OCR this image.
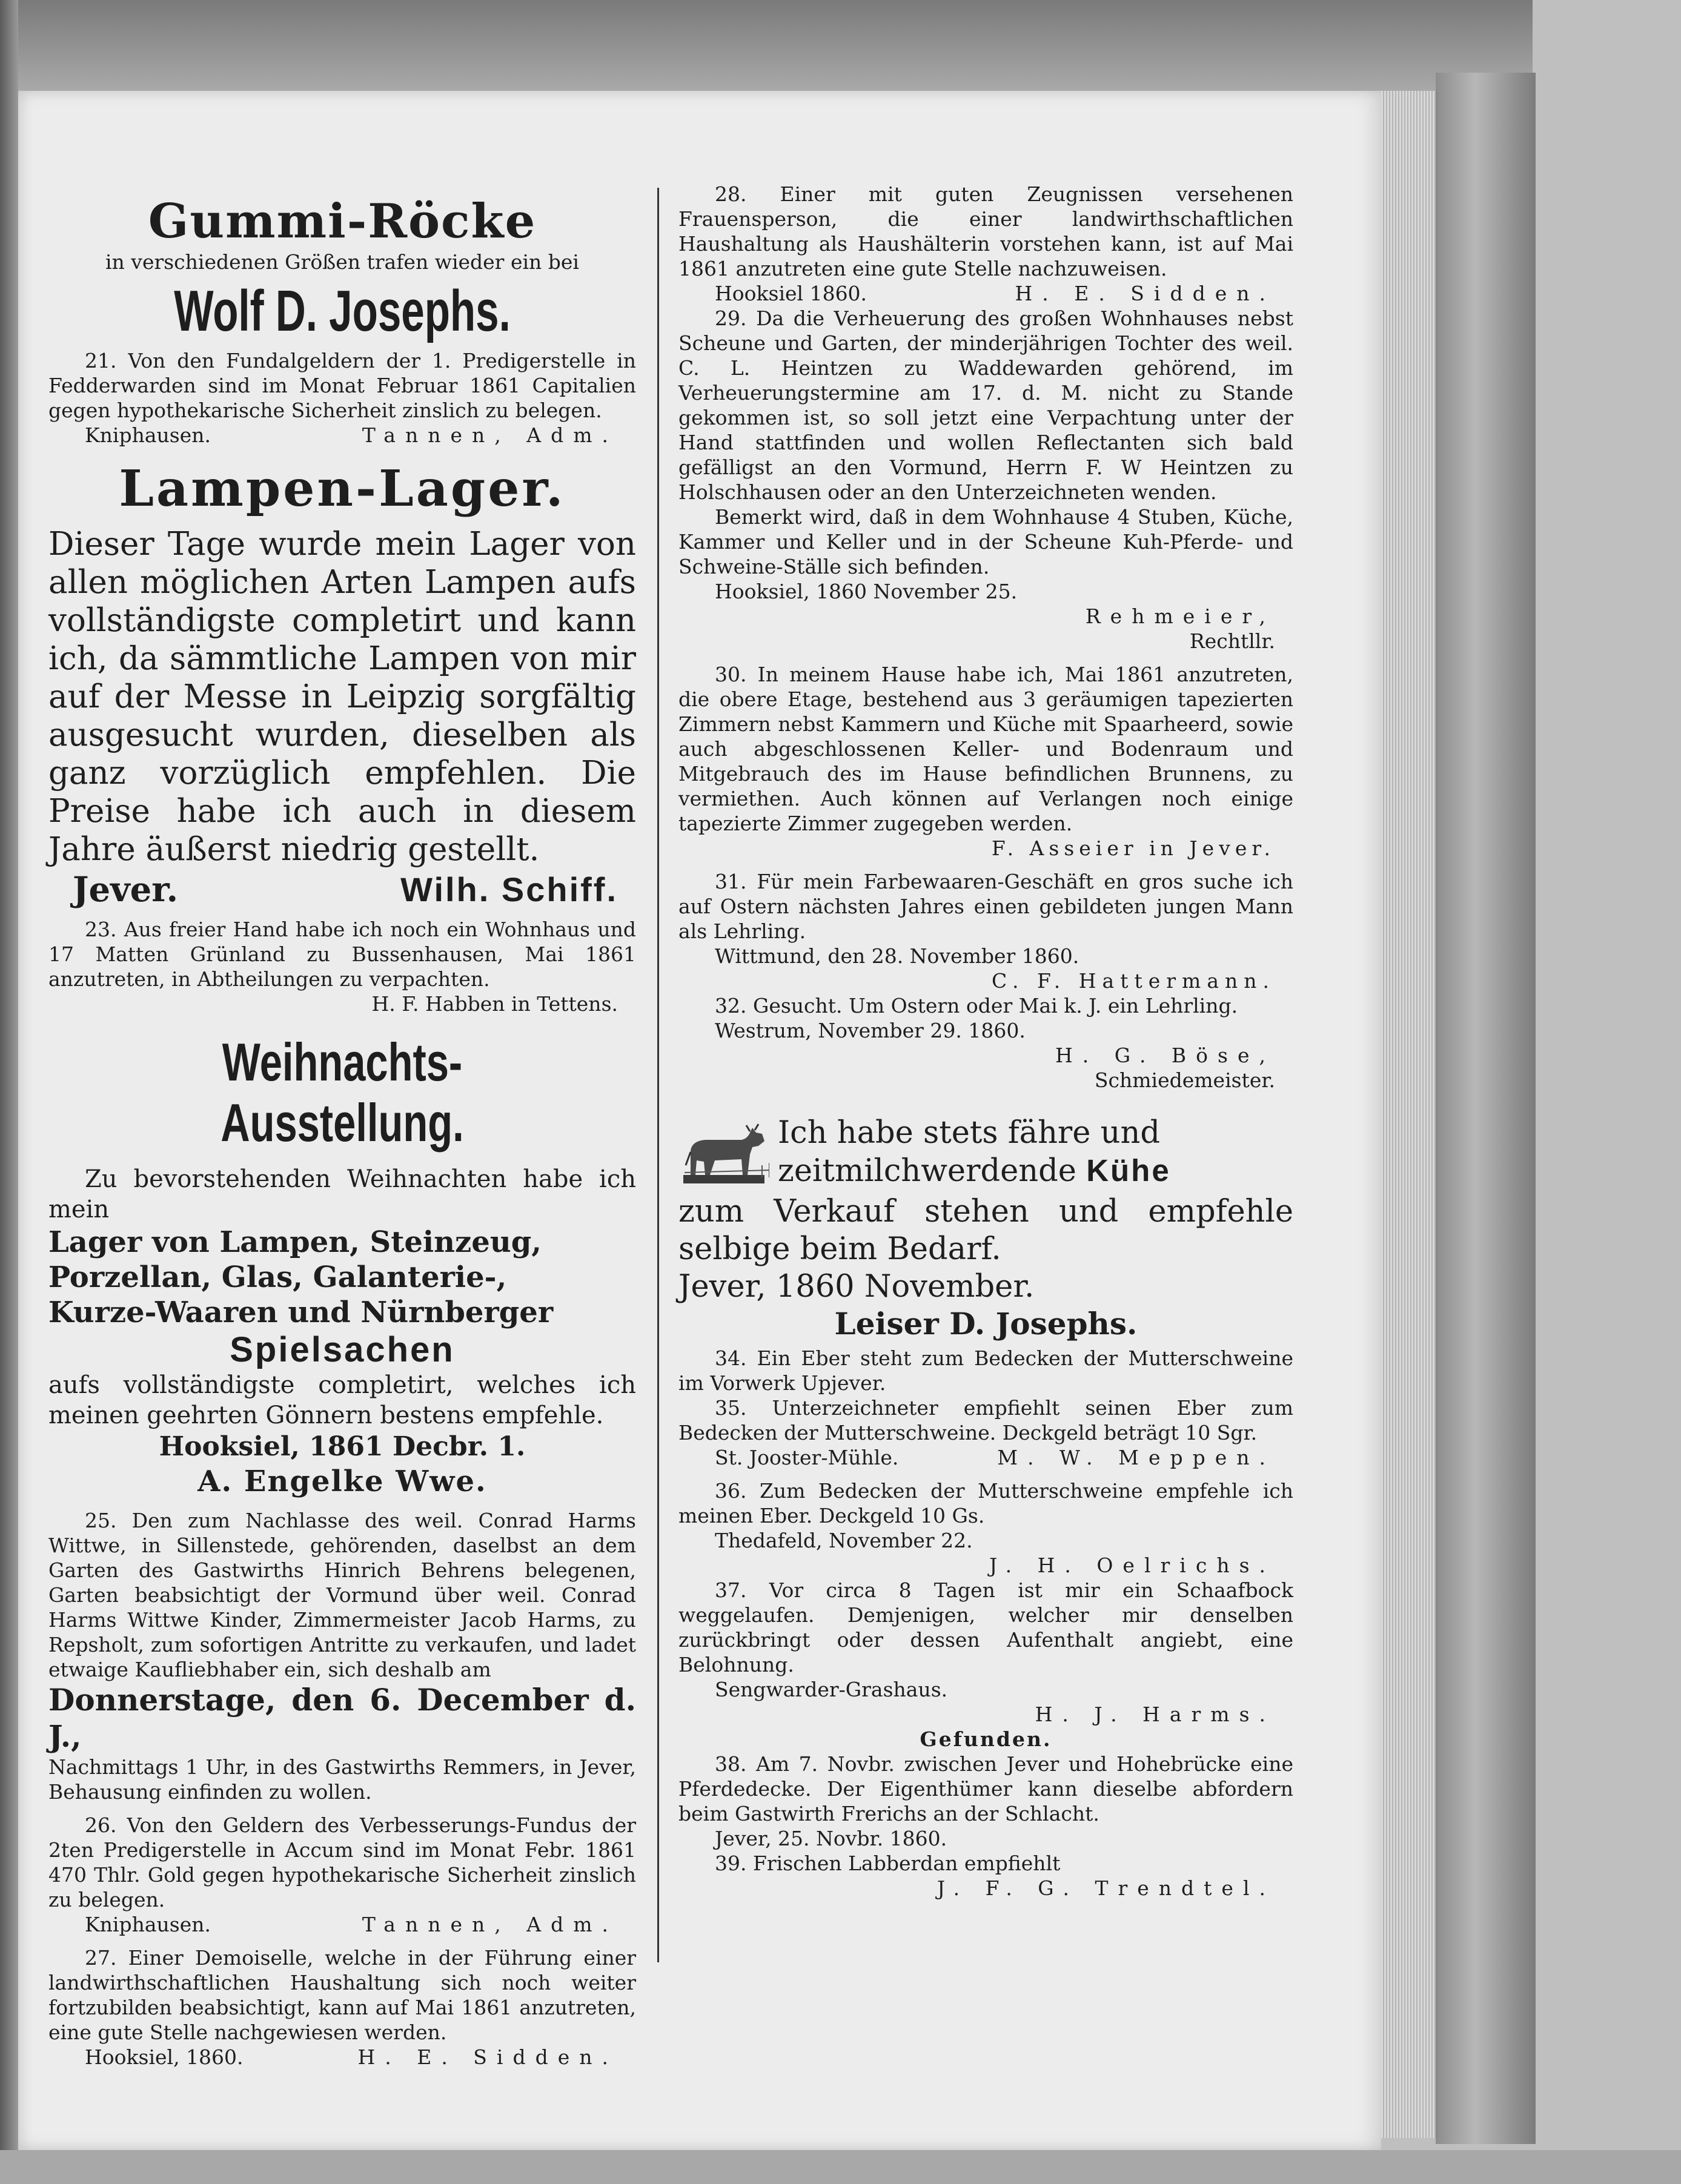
Gummi-Röcke

in verschiedenen Größen trafen wieder ein bei

Wolf D. Josephs.

21. Von den Fundalgeldern der 1. Predigerstelle in Fedderwarden sind im Monat Februar 1861 Capitalien gegen hypothekarische Sicherheit zinslich zu belegen.

Kniphausen.	Tannen, Adm.
Lampen-Lager.

Dieser Tage wurde mein Lager von allen möglichen Arten Lampen aufs vollständigste completirt und kann ich, da sämmtliche Lampen von mir auf der Messe in Leipzig sorgfältig ausgesucht wurden, dieselben als ganz vorzüglich empfehlen. Die Preise habe ich auch in diesem Jahre äußerst niedrig gestellt.

Jever.	Wilh. Schiff.

23. Aus freier Hand habe ich noch ein Wohnhaus und 17 Matten Grünland zu Bussenhausen, Mai 1861 anzutreten, in Abtheilungen zu verpachten.

H. F. Habben in Tettens.

Weihnachts-Ausstellung.

Zu bevorstehenden Weihnachten habe ich mein

Lager von Lampen, Steinzeug,

Porzellan, Glas, Galanterie-,

Kurze-Waaren und Nürnberger

Spielsachen

aufs vollständigste completirt, welches ich meinen geehrten Gönnern bestens empfehle.

Hooksiel, 1861 Decbr. 1.
A. Engelke Wwe.

25. Den zum Nachlasse des weil. Conrad Harms Wittwe, in Sillenstede, gehörenden, daselbst an dem Garten des Gastwirths Hinrich Behrens belegenen, Garten beabsichtigt der Vormund über weil. Conrad Harms Wittwe Kinder, Zimmermeister Jacob Harms, zu Repsholt, zum sofortigen Antritte zu verkaufen, und ladet etwaige Kaufliebhaber ein, sich deshalb am

Donnerstage, den 6. December d. J.,

Nachmittags 1 Uhr, in des Gastwirths Remmers, in Jever, Behausung einfinden zu wollen.

26. Von den Geldern des Verbesserungs-Fundus der 2ten Predigerstelle in Accum sind im Monat Febr. 1861 470 Thlr. Gold gegen hypothekarische Sicherheit zinslich zu belegen.

Kniphausen.	Tannen, Adm.

27. Einer Demoiselle, welche in der Führung einer landwirthschaftlichen Haushaltung sich noch weiter fortzubilden beabsichtigt, kann auf Mai 1861 anzutreten, eine gute Stelle nachgewiesen werden.

Hooksiel, 1860.	H. E. Sidden.

28. Einer mit guten Zeugnissen versehenen Frauensperson, die einer landwirthschaftlichen Haushaltung als Haushälterin vorstehen kann, ist auf Mai 1861 anzutreten eine gute Stelle nachzuweisen.

Hooksiel 1860.	H. E. Sidden.

29. Da die Verheuerung des großen Wohnhauses nebst Scheune und Garten, der minderjährigen Tochter des weil. C. L. Heintzen zu Waddewarden gehörend, im Verheuerungstermine am 17. d. M. nicht zu Stande gekommen ist, so soll jetzt eine Verpachtung unter der Hand stattfinden und wollen Reflectanten sich bald gefälligst an den Vormund, Herrn F. W Heintzen zu Holschhausen oder an den Unterzeichneten wenden.

Bemerkt wird, daß in dem Wohnhause 4 Stuben, Küche, Kammer und Keller und in der Scheune Kuh-Pferde- und Schweine-Ställe sich befinden.

Hooksiel, 1860 November 25.

Rehmeier,

Rechtllr.

30. In meinem Hause habe ich, Mai 1861 anzutreten, die obere Etage, bestehend aus 3 geräumigen tapezierten Zimmern nebst Kammern und Küche mit Spaarheerd, sowie auch abgeschlossenen Keller- und Bodenraum und Mitgebrauch des im Hause befindlichen Brunnens, zu vermiethen. Auch können auf Verlangen noch einige tapezierte Zimmer zugegeben werden.

F. Asseier in Jever.

31. Für mein Farbewaaren-Geschäft en gros suche ich auf Ostern nächsten Jahres einen gebildeten jungen Mann als Lehrling.

Wittmund, den 28. November 1860.

C. F. Hattermann.

32. Gesucht. Um Ostern oder Mai k. J. ein Lehrling.

Westrum, November 29. 1860.

H. G. Böse,

Schmiedemeister.

Ich habe stets fähre und zeitmilchwerdende Kühe

zum Verkauf stehen und empfehle selbige beim Bedarf.

Jever, 1860 November.

Leiser D. Josephs.

34. Ein Eber steht zum Bedecken der Mutterschweine im Vorwerk Upjever.

35. Unterzeichneter empfiehlt seinen Eber zum Bedecken der Mutterschweine. Deckgeld beträgt 10 Sgr.

St. Jooster-Mühle.	M. W. Meppen.

36. Zum Bedecken der Mutterschweine empfehle ich meinen Eber. Deckgeld 10 Gs.

Thedafeld, November 22.

J. H. Oelrichs.

37. Vor circa 8 Tagen ist mir ein Schaafbock weggelaufen. Demjenigen, welcher mir denselben zurückbringt oder dessen Aufenthalt angiebt, eine Belohnung.

Sengwarder-Grashaus.

H. J. Harms.

Gefunden.

38. Am 7. Novbr. zwischen Jever und Hohebrücke eine Pferdedecke. Der Eigenthümer kann dieselbe abfordern beim Gastwirth Frerichs an der Schlacht.

Jever, 25. Novbr. 1860.

39. Frischen Labberdan empfiehlt

J. F. G. Trendtel.
